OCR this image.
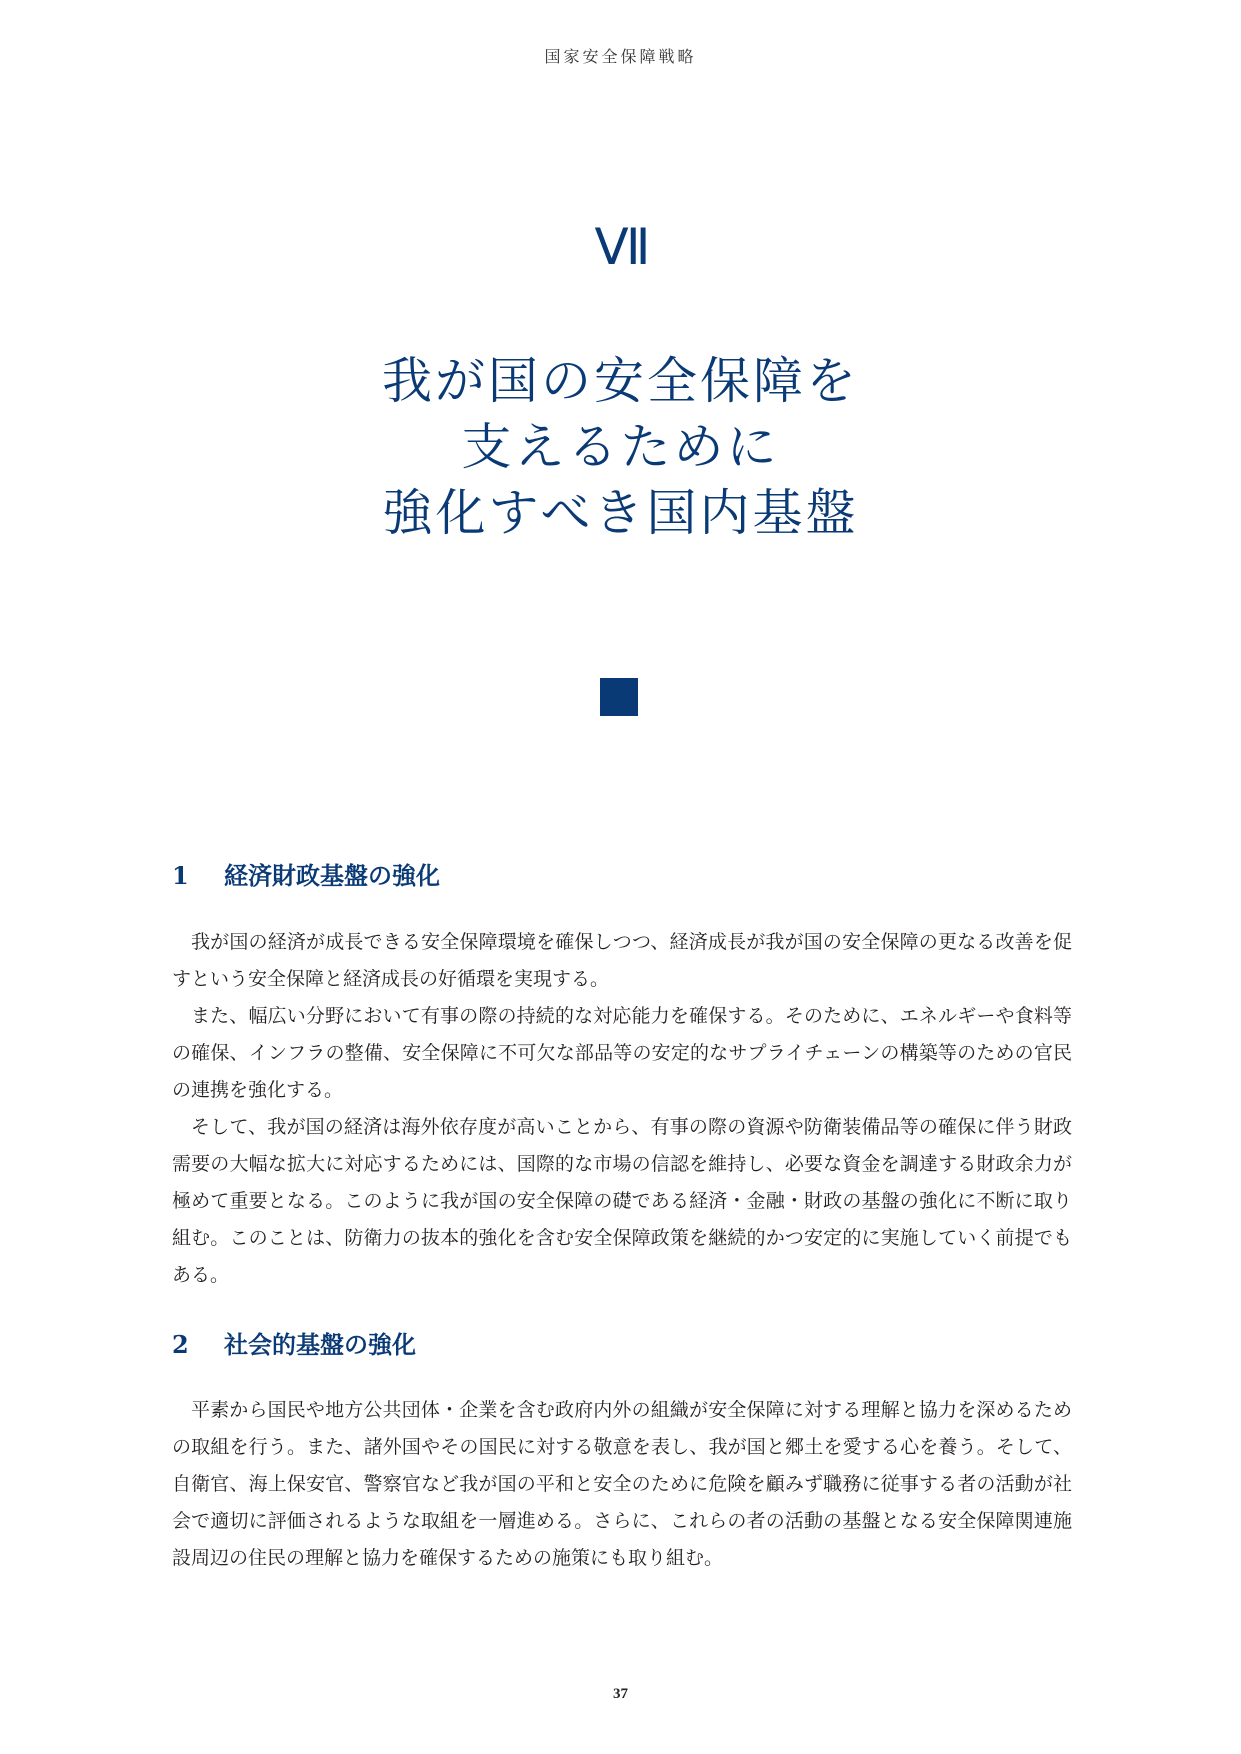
国家安全保障戦略
Ⅶ
我が国の安全保障を
支えるために
強化すべき国内基盤
1 経済財政基盤の強化

我が国の経済が成長できる安全保障環境を確保しつつ、経済成長が我が国の安全保障の更なる改善を促すという安全保障と経済成長の好循環を実現する。

また、幅広い分野において有事の際の持続的な対応能力を確保する。そのために、エネルギーや食料等の確保、インフラの整備、安全保障に不可欠な部品等の安定的なサプライチェーンの構築等のための官民の連携を強化する。

そして、我が国の経済は海外依存度が高いことから、有事の際の資源や防衛装備品等の確保に伴う財政需要の大幅な拡大に対応するためには、国際的な市場の信認を維持し、必要な資金を調達する財政余力が極めて重要となる。このように我が国の安全保障の礎である経済・金融・財政の基盤の強化に不断に取り組む。このことは、防衛力の抜本的強化を含む安全保障政策を継続的かつ安定的に実施していく前提でもある。

2 社会的基盤の強化

平素から国民や地方公共団体・企業を含む政府内外の組織が安全保障に対する理解と協力を深めるための取組を行う。また、諸外国やその国民に対する敬意を表し、我が国と郷土を愛する心を養う。そして、自衛官、海上保安官、警察官など我が国の平和と安全のために危険を顧みず職務に従事する者の活動が社会で適切に評価されるような取組を一層進める。さらに、これらの者の活動の基盤となる安全保障関連施設周辺の住民の理解と協力を確保するための施策にも取り組む。

37
